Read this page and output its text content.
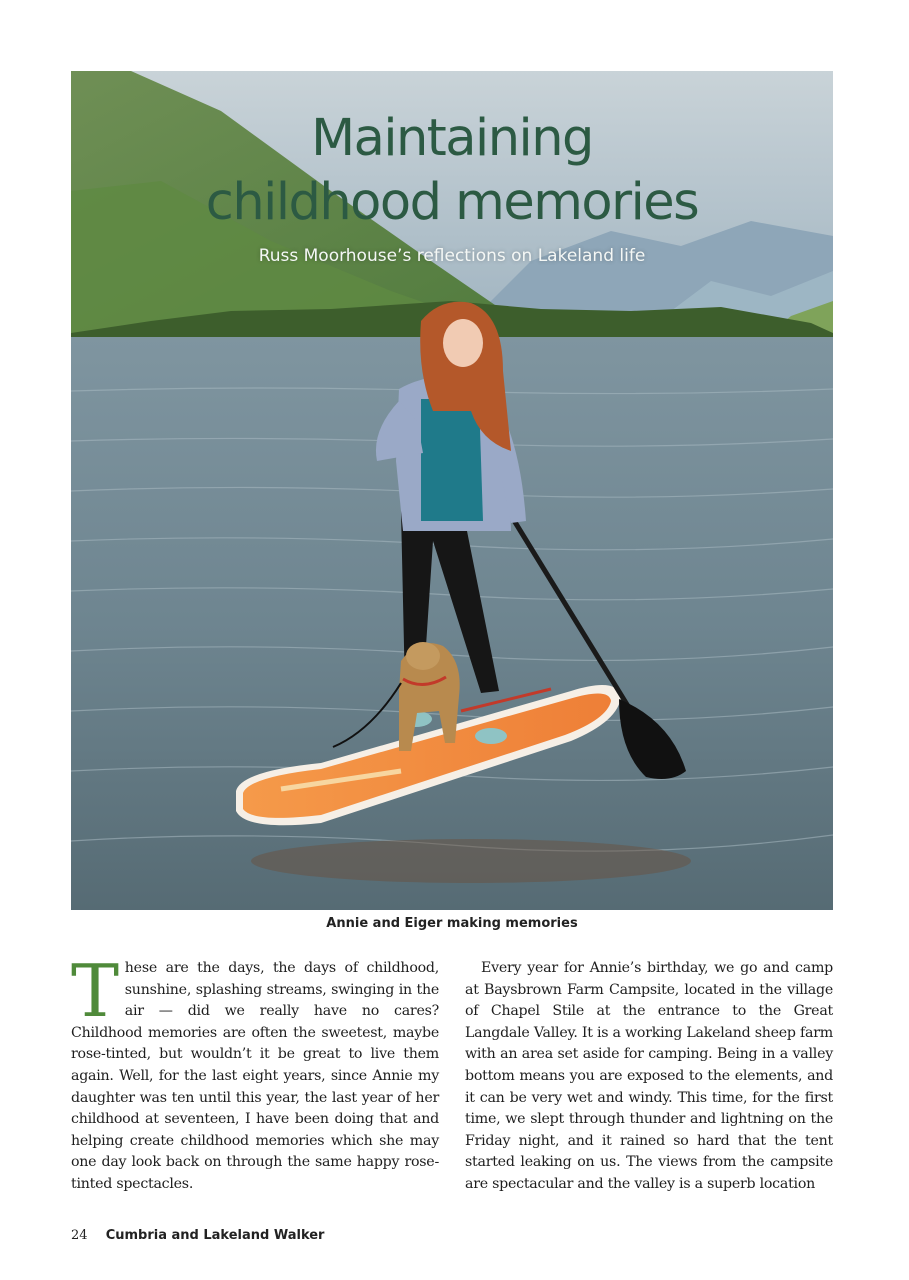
Maintaining
childhood memories
Russ Moorhouse’s reflections on Lakeland life
Annie and Eiger making memories

These are the days, the days of childhood, sunshine, splashing streams, swinging in the air — did we really have no cares? Childhood memories are often the sweetest, maybe rose-tinted, but wouldn’t it be great to live them again. Well, for the last eight years, since Annie my daughter was ten until this year, the last year of her childhood at seventeen, I have been doing that and helping create childhood memories which she may one day look back on through the same happy rose-tinted spectacles.

Every year for Annie’s birthday, we go and camp at Baysbrown Farm Campsite, located in the village of Chapel Stile at the entrance to the Great Langdale Valley. It is a working Lakeland sheep farm with an area set aside for camping. Being in a valley bottom means you are exposed to the elements, and it can be very wet and windy. This time, for the first time, we slept through thunder and lightning on the Friday night, and it rained so hard that the tent started leaking on us. The views from the campsite are spectacular and the valley is a superb location

24 Cumbria and Lakeland Walker
